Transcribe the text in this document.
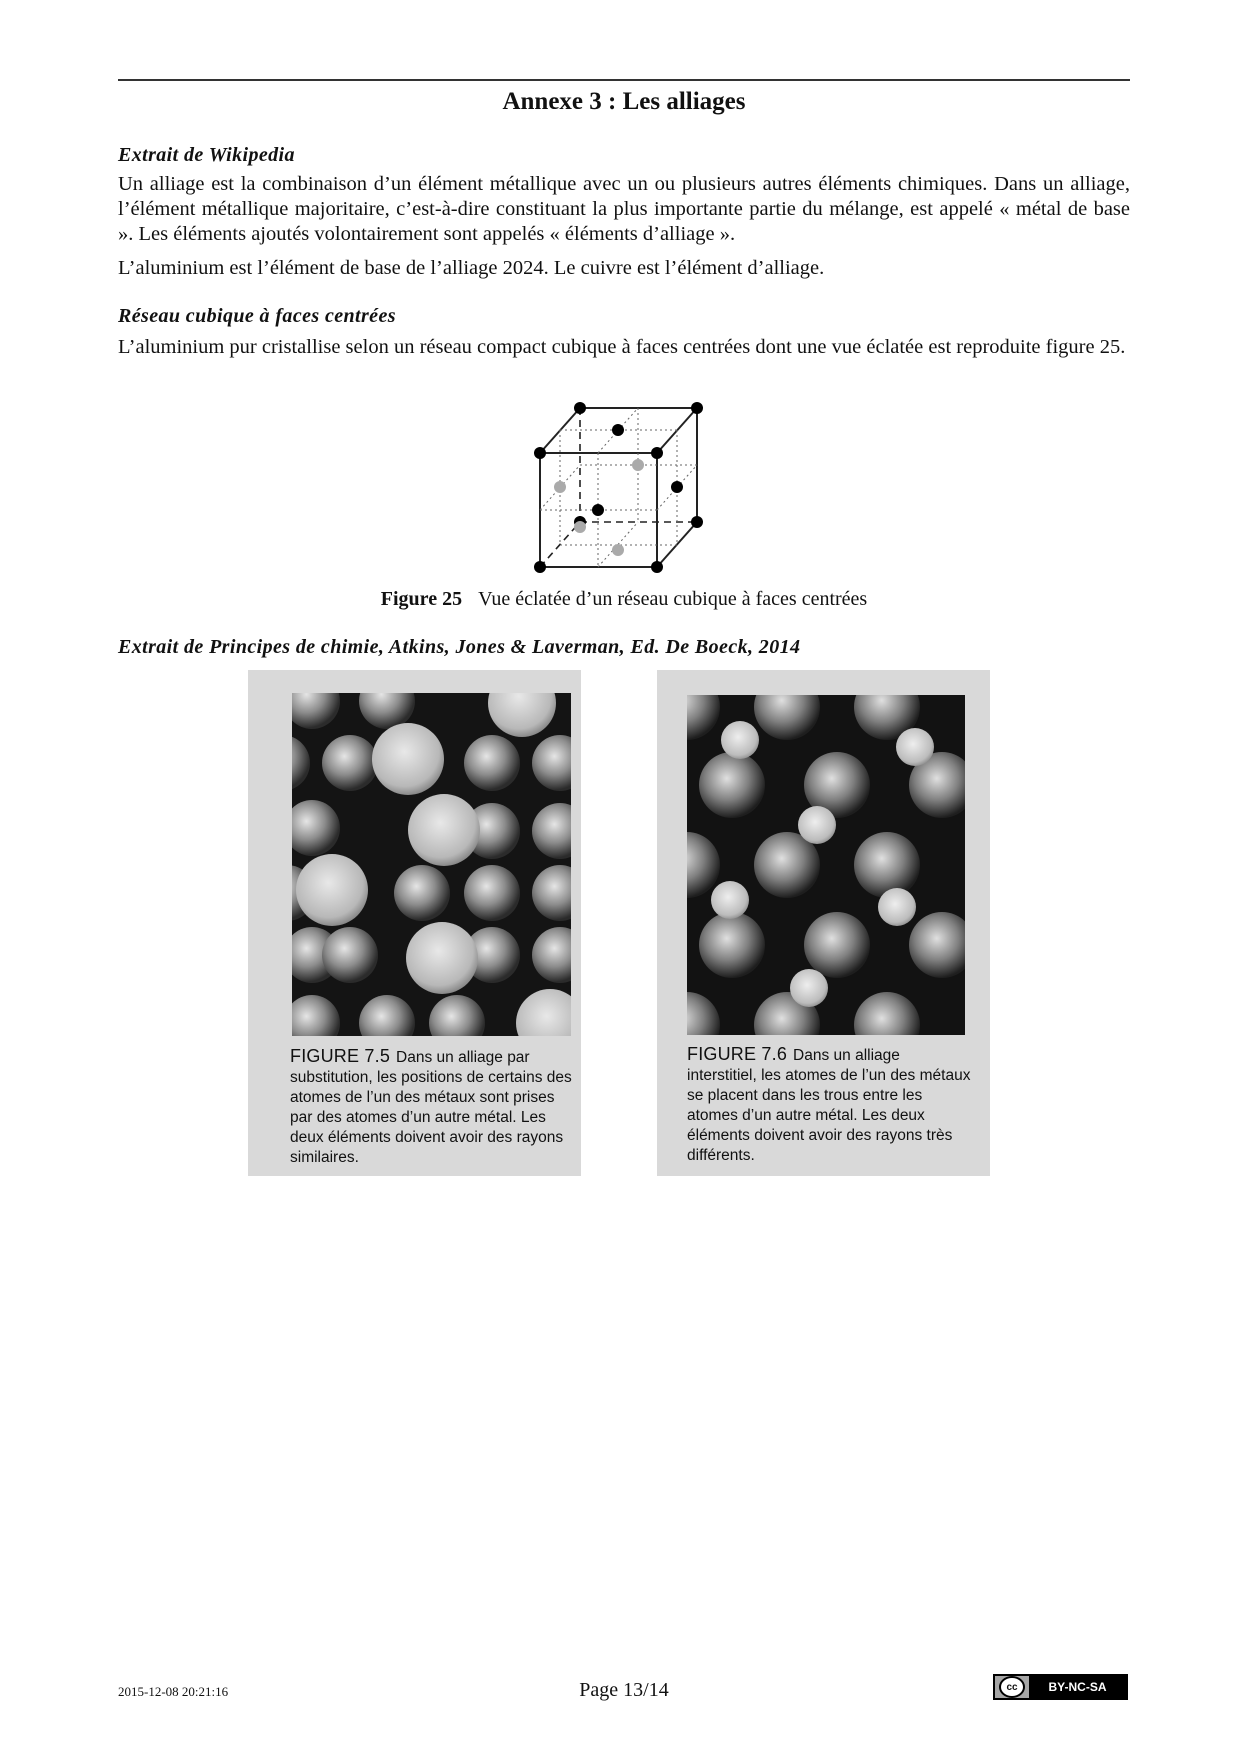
Annexe 3 : Les alliages
Extrait de Wikipedia
Un alliage est la combinaison d’un élément métallique avec un ou plusieurs autres éléments chimiques. Dans un alliage, l’élément métallique majoritaire, c’est-à-dire constituant la plus importante partie du mélange, est appelé « métal de base ». Les éléments ajoutés volontairement sont appelés « éléments d’alliage ».
L’aluminium est l’élément de base de l’alliage 2024. Le cuivre est l’élément d’alliage.
Réseau cubique à faces centrées
L’aluminium pur cristallise selon un réseau compact cubique à faces centrées dont une vue éclatée est reproduite figure 25.
Figure 25 Vue éclatée d’un réseau cubique à faces centrées
Extrait de Principes de chimie, Atkins, Jones & Laverman, Ed. De Boeck, 2014
FIGURE 7.5 Dans un alliage par substitution, les positions de certains des atomes de l’un des métaux sont prises par des atomes d’un autre métal. Les deux éléments doivent avoir des rayons similaires.
FIGURE 7.6 Dans un alliage interstitiel, les atomes de l’un des métaux se placent dans les trous entre les atomes d’un autre métal. Les deux éléments doivent avoir des rayons très différents.
2015-12-08 20:21:16	Page 13/14	cc	BY-NC-SA
